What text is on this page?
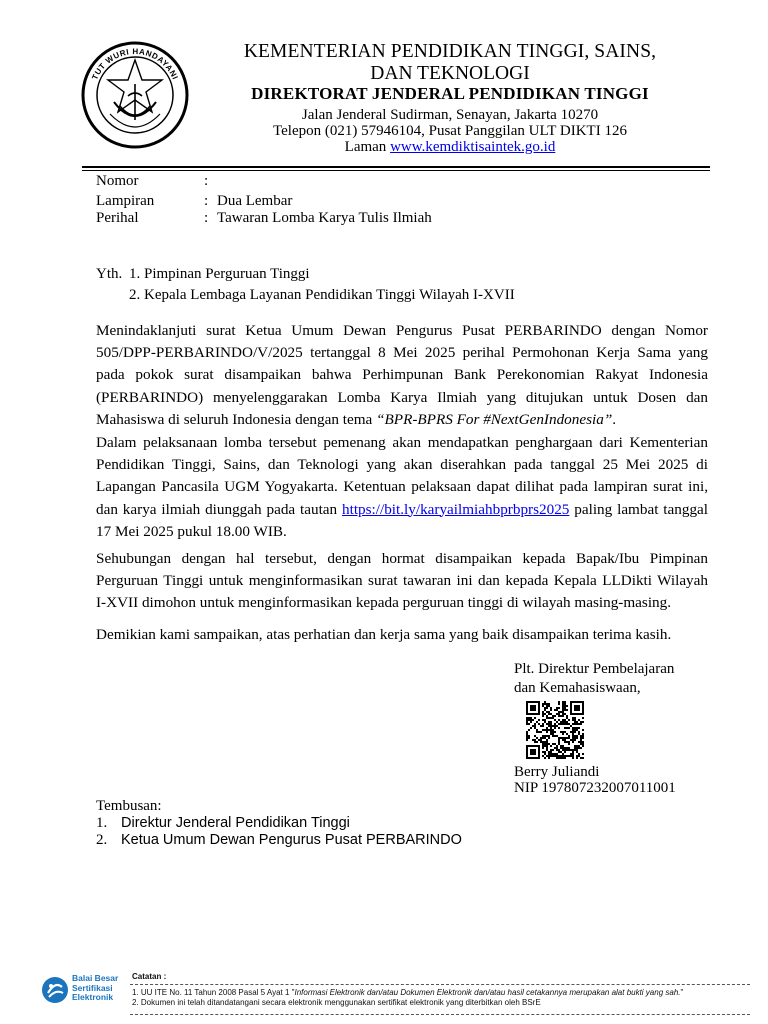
TUT WURI HANDAYANI
KEMENTERIAN PENDIDIKAN TINGGI, SAINS,
DAN TEKNOLOGI
DIREKTORAT JENDERAL PENDIDIKAN TINGGI
Jalan Jenderal Sudirman, Senayan, Jakarta 10270
Telepon (021) 57946104, Pusat Panggilan ULT DIKTI 126
Laman www.kemdiktisaintek.go.id
Nomor	:
Lampiran	: Dua Lembar
Perihal	: Tawaran Lomba Karya Tulis Ilmiah
Yth. 1. Pimpinan Perguruan Tinggi
2. Kepala Lembaga Layanan Pendidikan Tinggi Wilayah I-XVII
Menindaklanjuti surat Ketua Umum Dewan Pengurus Pusat PERBARINDO dengan Nomor
505/DPP-PERBARINDO/V/2025 tertanggal 8 Mei 2025 perihal Permohonan Kerja Sama yang
pada pokok surat disampaikan bahwa Perhimpunan Bank Perekonomian Rakyat Indonesia
(PERBARINDO) menyelenggarakan Lomba Karya Ilmiah yang ditujukan untuk Dosen dan
Mahasiswa di seluruh Indonesia dengan tema “BPR-BPRS For #NextGenIndonesia”.
Dalam pelaksanaan lomba tersebut pemenang akan mendapatkan penghargaan dari Kementerian
Pendidikan Tinggi, Sains, dan Teknologi yang akan diserahkan pada tanggal 25 Mei 2025 di
Lapangan Pancasila UGM Yogyakarta. Ketentuan pelaksaan dapat dilihat pada lampiran surat ini,
dan karya ilmiah diunggah pada tautan https://bit.ly/karyailmiahbprbprs2025 paling lambat tanggal
17 Mei 2025 pukul 18.00 WIB.
Sehubungan dengan hal tersebut, dengan hormat disampaikan kepada Bapak/Ibu Pimpinan
Perguruan Tinggi untuk menginformasikan surat tawaran ini dan kepada Kepala LLDikti Wilayah
I-XVII dimohon untuk menginformasikan kepada perguruan tinggi di wilayah masing-masing.
Demikian kami sampaikan, atas perhatian dan kerja sama yang baik disampaikan terima kasih.
Plt. Direktur Pembelajaran
dan Kemahasiswaan,
Berry Juliandi
NIP 197807232007011001
Tembusan:
1. Direktur Jenderal Pendidikan Tinggi
2. Ketua Umum Dewan Pengurus Pusat PERBARINDO
Balai Besar
Sertifikasi
Elektronik
Catatan :
1. UU ITE No. 11 Tahun 2008 Pasal 5 Ayat 1 "Informasi Elektronik dan/atau Dokumen Elektronik dan/atau hasil cetakannya merupakan alat bukti yang sah."
2. Dokumen ini telah ditandatangani secara elektronik menggunakan sertifikat elektronik yang diterbitkan oleh BSrE
